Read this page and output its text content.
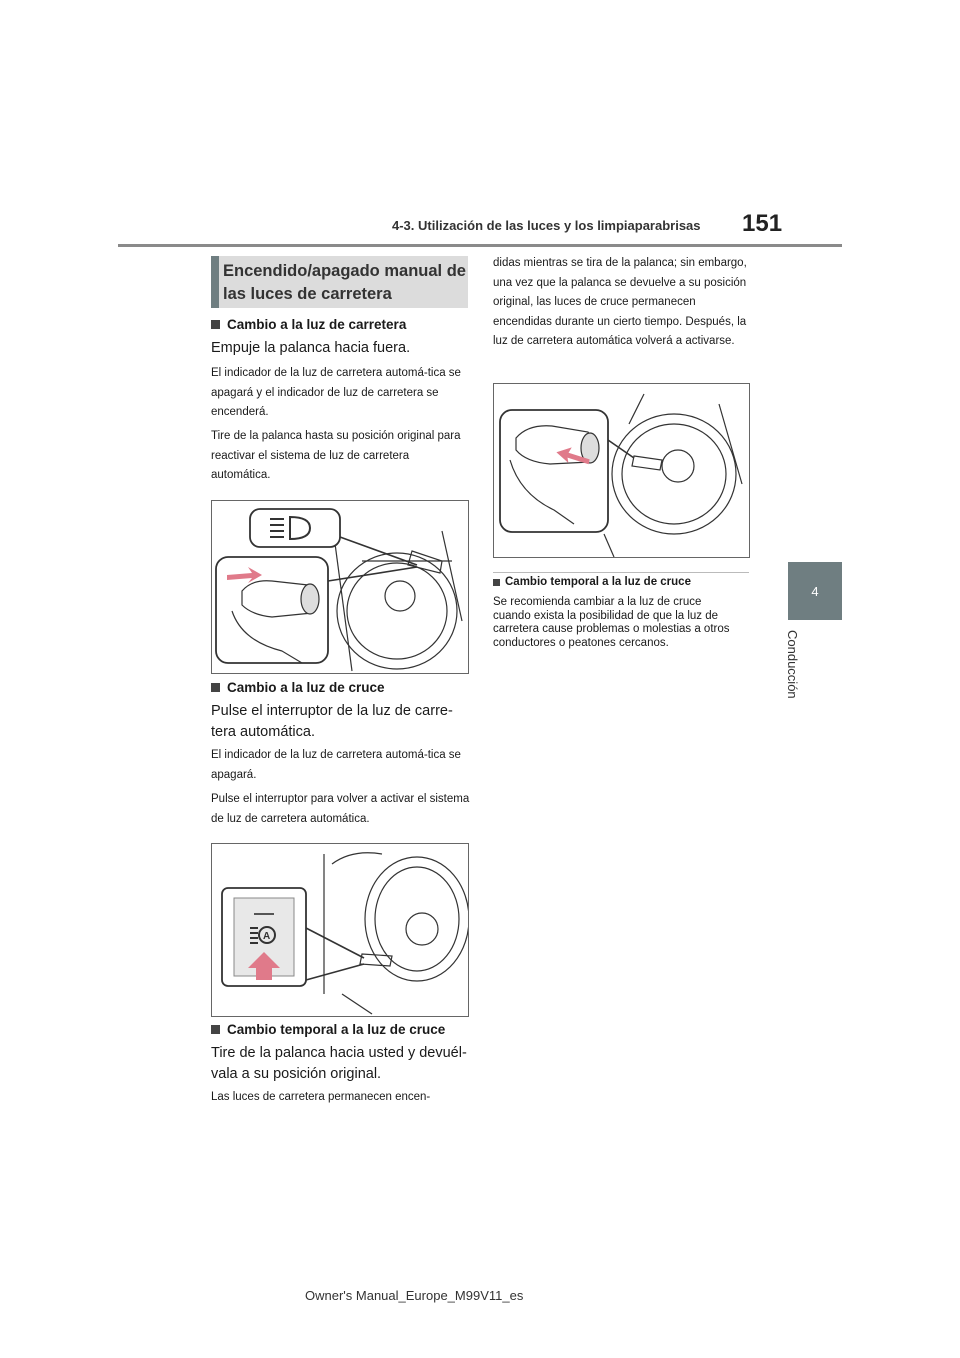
4-3. Utilización de las luces y los limpiaparabrisas 151
4
Conducción
Encendido/apagado manual de las luces de carretera
Cambio a la luz de carretera
Empuje la palanca hacia fuera.
El indicador de la luz de carretera automá-tica se apagará y el indicador de luz de carretera se encenderá.
Tire de la palanca hasta su posición original para reactivar el sistema de luz de carretera automática.
Cambio a la luz de cruce
Pulse el interruptor de la luz de carre-tera automática.
El indicador de la luz de carretera automá-tica se apagará.
Pulse el interruptor para volver a activar el sistema de luz de carretera automática.
A
Cambio temporal a la luz de cruce
Tire de la palanca hacia usted y devuél-vala a su posición original.
Las luces de carretera permanecen encen-
didas mientras se tira de la palanca; sin embargo, una vez que la palanca se devuelve a su posición original, las luces de cruce permanecen encendidas durante un cierto tiempo. Después, la luz de carretera automática volverá a activarse.
Cambio temporal a la luz de cruce
Se recomienda cambiar a la luz de cruce cuando exista la posibilidad de que la luz de carretera cause problemas o molestias a otros conductores o peatones cercanos.
Owner's Manual_Europe_M99V11_es
